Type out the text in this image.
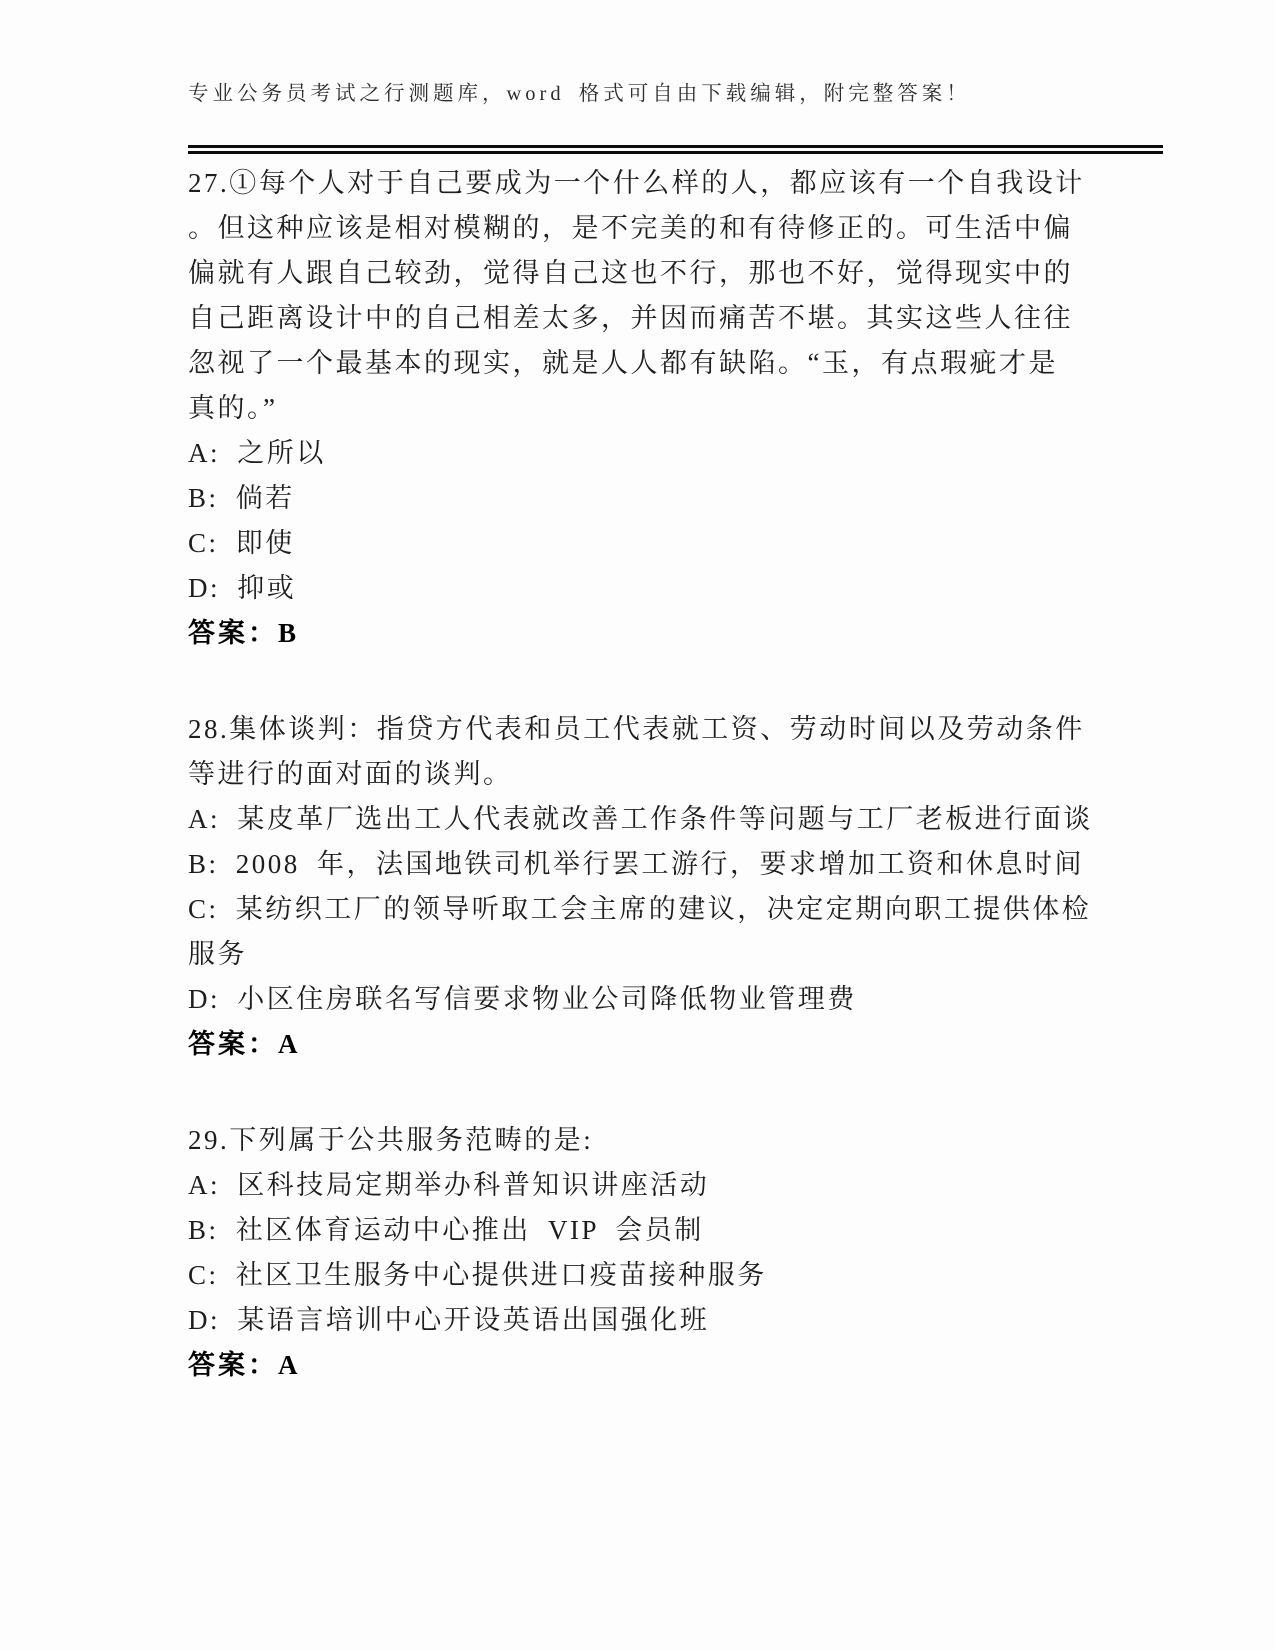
专业公务员考试之行测题库，word 格式可自由下载编辑，附完整答案！
27.①每个人对于自己要成为一个什么样的人，都应该有一个自我设计
。但这种应该是相对模糊的，是不完美的和有待修正的。可生活中偏
偏就有人跟自己较劲，觉得自己这也不行，那也不好，觉得现实中的
自己距离设计中的自己相差太多，并因而痛苦不堪。其实这些人往往
忽视了一个最基本的现实，就是人人都有缺陷。“玉，有点瑕疵才是
真的。”
A: 之所以
B: 倘若
C: 即使
D: 抑或
答案：B
28.集体谈判：指贷方代表和员工代表就工资、劳动时间以及劳动条件
等进行的面对面的谈判。
A: 某皮革厂选出工人代表就改善工作条件等问题与工厂老板进行面谈
B: 2008 年，法国地铁司机举行罢工游行，要求增加工资和休息时间
C: 某纺织工厂的领导听取工会主席的建议，决定定期向职工提供体检
服务
D: 小区住房联名写信要求物业公司降低物业管理费
答案：A
29.下列属于公共服务范畴的是:
A: 区科技局定期举办科普知识讲座活动
B: 社区体育运动中心推出 VIP 会员制
C: 社区卫生服务中心提供进口疫苗接种服务
D: 某语言培训中心开设英语出国强化班
答案：A
